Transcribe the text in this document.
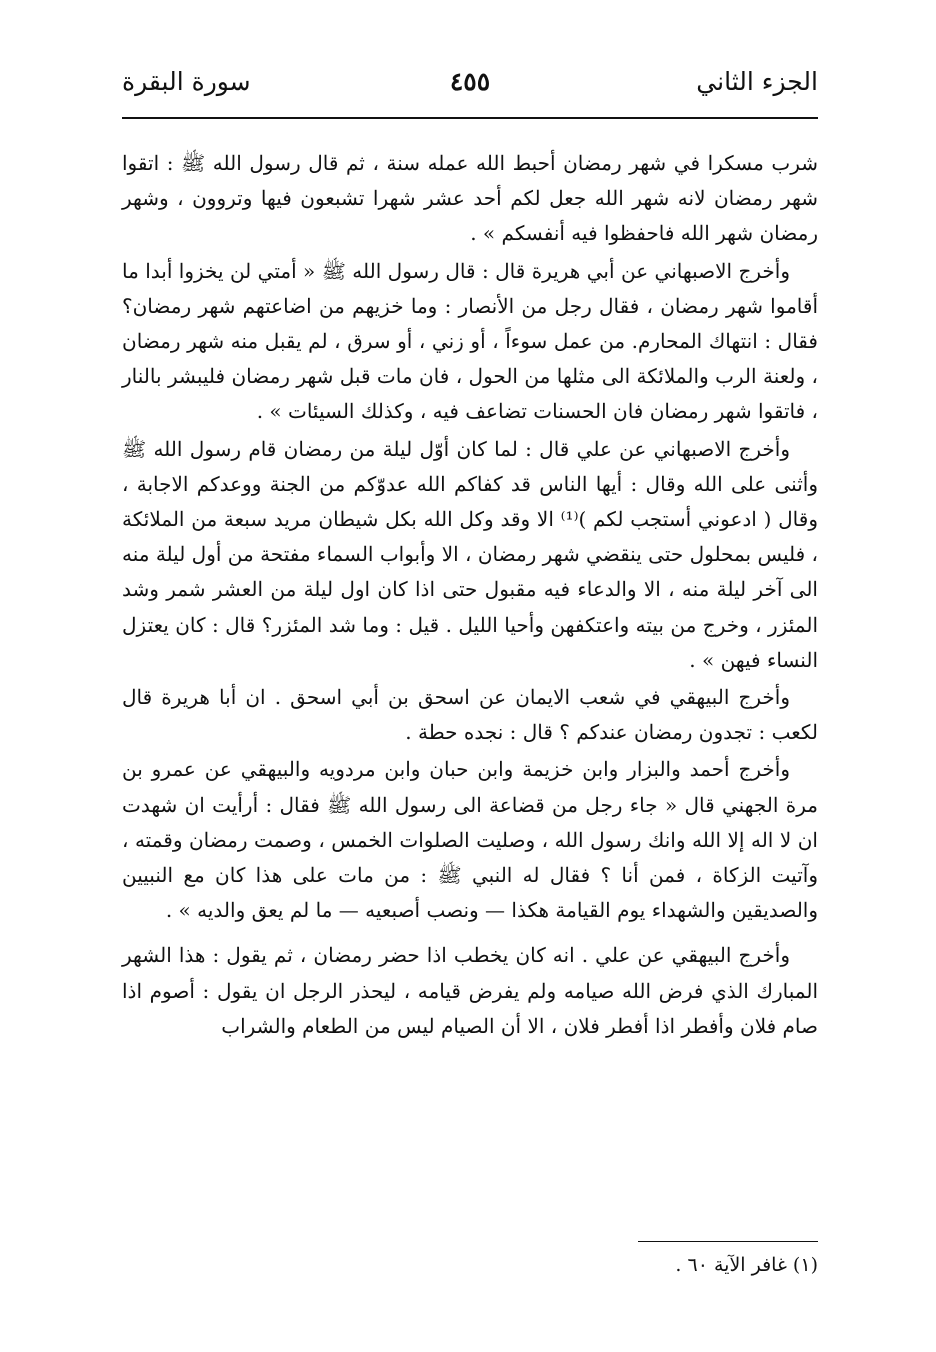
الجزء الثاني
٤٥٥
سورة البقرة

شرب مسكرا في شهر رمضان أحبط الله عمله سنة ، ثم قال رسول الله ﷺ : اتقوا شهر رمضان لانه شهر الله جعل لكم أحد عشر شهرا تشبعون فيها وتروون ، وشهر رمضان شهر الله فاحفظوا فيه أنفسكم » .

وأخرج الاصبهاني عن أبي هريرة قال : قال رسول الله ﷺ « أمتي لن يخزوا أبدا ما أقاموا شهر رمضان ، فقال رجل من الأنصار : وما خزيهم من اضاعتهم شهر رمضان؟ فقال : انتهاك المحارم. من عمل سوءاً ، أو زني ، أو سرق ، لم يقبل منه شهر رمضان ، ولعنة الرب والملائكة الى مثلها من الحول ، فان مات قبل شهر رمضان فليبشر بالنار ، فاتقوا شهر رمضان فان الحسنات تضاعف فيه ، وكذلك السيئات » .

وأخرج الاصبهاني عن علي قال : لما كان أوّل ليلة من رمضان قام رسول الله ﷺ وأثنى على الله وقال : أيها الناس قد كفاكم الله عدوّكم من الجنة ووعدكم الاجابة ، وقال ( ادعوني أستجب لكم )⁽¹⁾ الا وقد وكل الله بكل شيطان مريد سبعة من الملائكة ، فليس بمحلول حتى ينقضي شهر رمضان ، الا وأبواب السماء مفتحة من أول ليلة منه الى آخر ليلة منه ، الا والدعاء فيه مقبول حتى اذا كان اول ليلة من العشر شمر وشد المئزر ، وخرج من بيته واعتكفهن وأحيا الليل . قيل : وما شد المئزر؟ قال : كان يعتزل النساء فيهن » .

وأخرج البيهقي في شعب الايمان عن اسحق بن أبي اسحق . ان أبا هريرة قال لكعب : تجدون رمضان عندكم ؟ قال : نجده حطة .

وأخرج أحمد والبزار وابن خزيمة وابن حبان وابن مردويه والبيهقي عن عمرو بن مرة الجهني قال « جاء رجل من قضاعة الى رسول الله ﷺ فقال : أرأيت ان شهدت ان لا اله إلا الله وانك رسول الله ، وصليت الصلوات الخمس ، وصمت رمضان وقمته ، وآتيت الزكاة ، فمن أنا ؟ فقال له النبي ﷺ : من مات على هذا كان مع النبيين والصديقين والشهداء يوم القيامة هكذا — ونصب أصبعيه — ما لم يعق والديه » .

وأخرج البيهقي عن علي . انه كان يخطب اذا حضر رمضان ، ثم يقول : هذا الشهر المبارك الذي فرض الله صيامه ولم يفرض قيامه ، ليحذر الرجل ان يقول : أصوم اذا صام فلان وأفطر اذا أفطر فلان ، الا أن الصيام ليس من الطعام والشراب

(١) غافر الآية ٦٠ .
